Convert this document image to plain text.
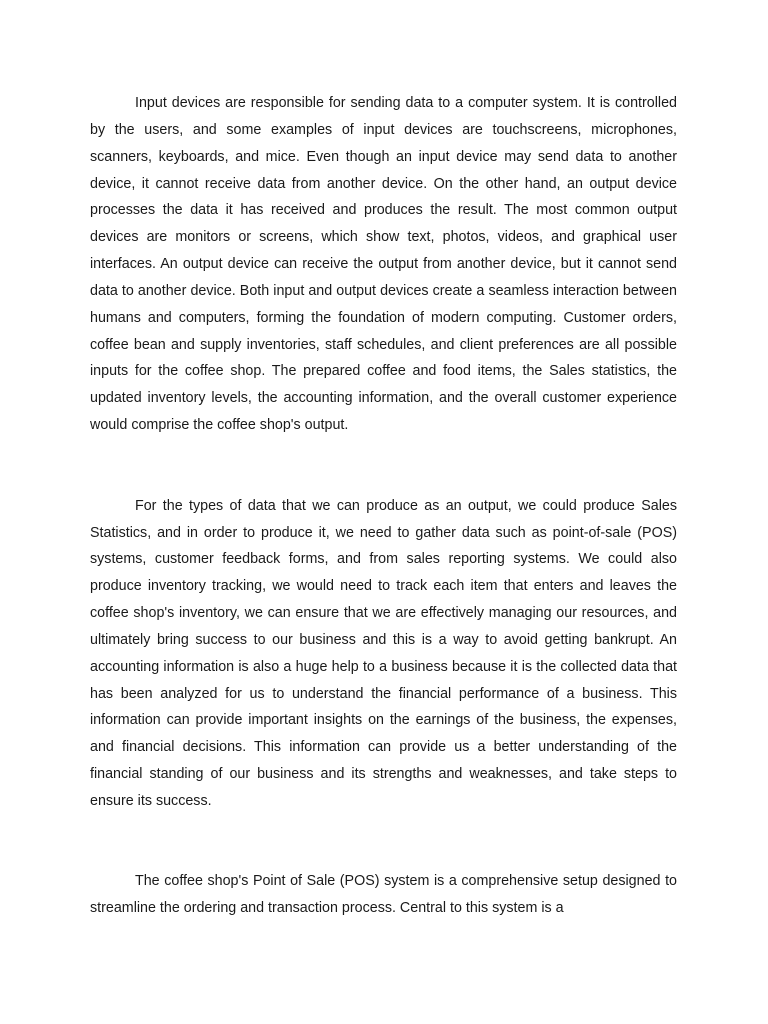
Input devices are responsible for sending data to a computer system. It is controlled by the users, and some examples of input devices are touchscreens, microphones, scanners, keyboards, and mice. Even though an input device may send data to another device, it cannot receive data from another device. On the other hand, an output device processes the data it has received and produces the result. The most common output devices are monitors or screens, which show text, photos, videos, and graphical user interfaces. An output device can receive the output from another device, but it cannot send data to another device. Both input and output devices create a seamless interaction between humans and computers, forming the foundation of modern computing. Customer orders, coffee bean and supply inventories, staff schedules, and client preferences are all possible inputs for the coffee shop. The prepared coffee and food items, the Sales statistics, the updated inventory levels, the accounting information, and the overall customer experience would comprise the coffee shop's output.

For the types of data that we can produce as an output, we could produce Sales Statistics, and in order to produce it, we need to gather data such as point-of-sale (POS) systems, customer feedback forms, and from sales reporting systems. We could also produce inventory tracking, we would need to track each item that enters and leaves the coffee shop's inventory, we can ensure that we are effectively managing our resources, and ultimately bring success to our business and this is a way to avoid getting bankrupt. An accounting information is also a huge help to a business because it is the collected data that has been analyzed for us to understand the financial performance of a business. This information can provide important insights on the earnings of the business, the expenses, and financial decisions. This information can provide us a better understanding of the financial standing of our business and its strengths and weaknesses, and take steps to ensure its success.

The coffee shop's Point of Sale (POS) system is a comprehensive setup designed to streamline the ordering and transaction process. Central to this system is a
